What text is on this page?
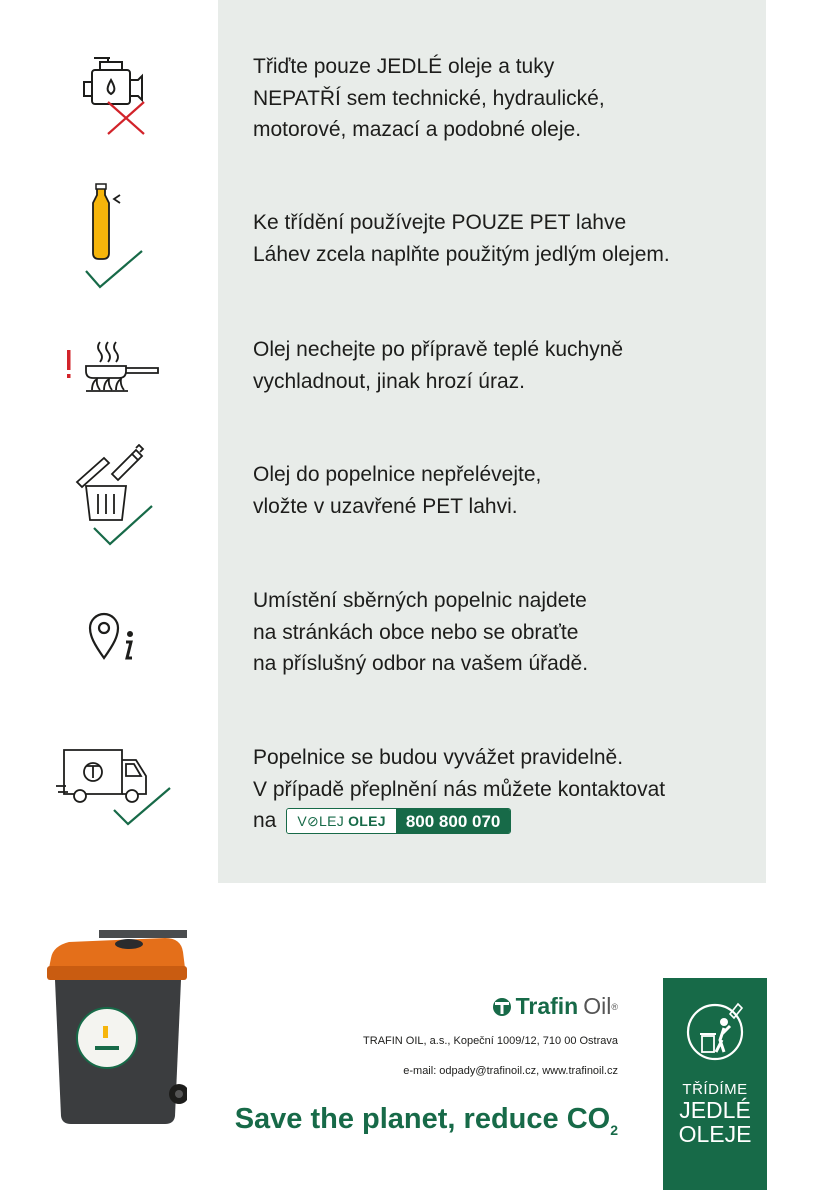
Třiďte pouze JEDLÉ oleje a tuky
NEPATŘÍ sem technické, hydraulické,
motorové, mazací a podobné oleje.
Ke třídění používejte POUZE PET lahve
Láhev zcela naplňte použitým jedlým olejem.
Olej nechejte po přípravě teplé kuchyně
vychladnout, jinak hrozí úraz.
Olej do popelnice nepřelévejte,
vložte v uzavřené PET lahvi.
Umístění sběrných popelnic najdete
na stránkách obce nebo se obraťte
na příslušný odbor na vašem úřadě.
Popelnice se budou vyvážet pravidelně.
V případě přeplnění nás můžete kontaktovat
na V⊘LEJ OLEJ	800 800 070
Trafin Oil ®
TRAFIN OIL, a.s., Kopeční 1009/12, 710 00 Ostrava
e-mail: odpady@trafinoil.cz, www.trafinoil.cz
Save the planet, reduce $CO_2$
TŘÍDÍME
JEDLÉ
OLEJE
